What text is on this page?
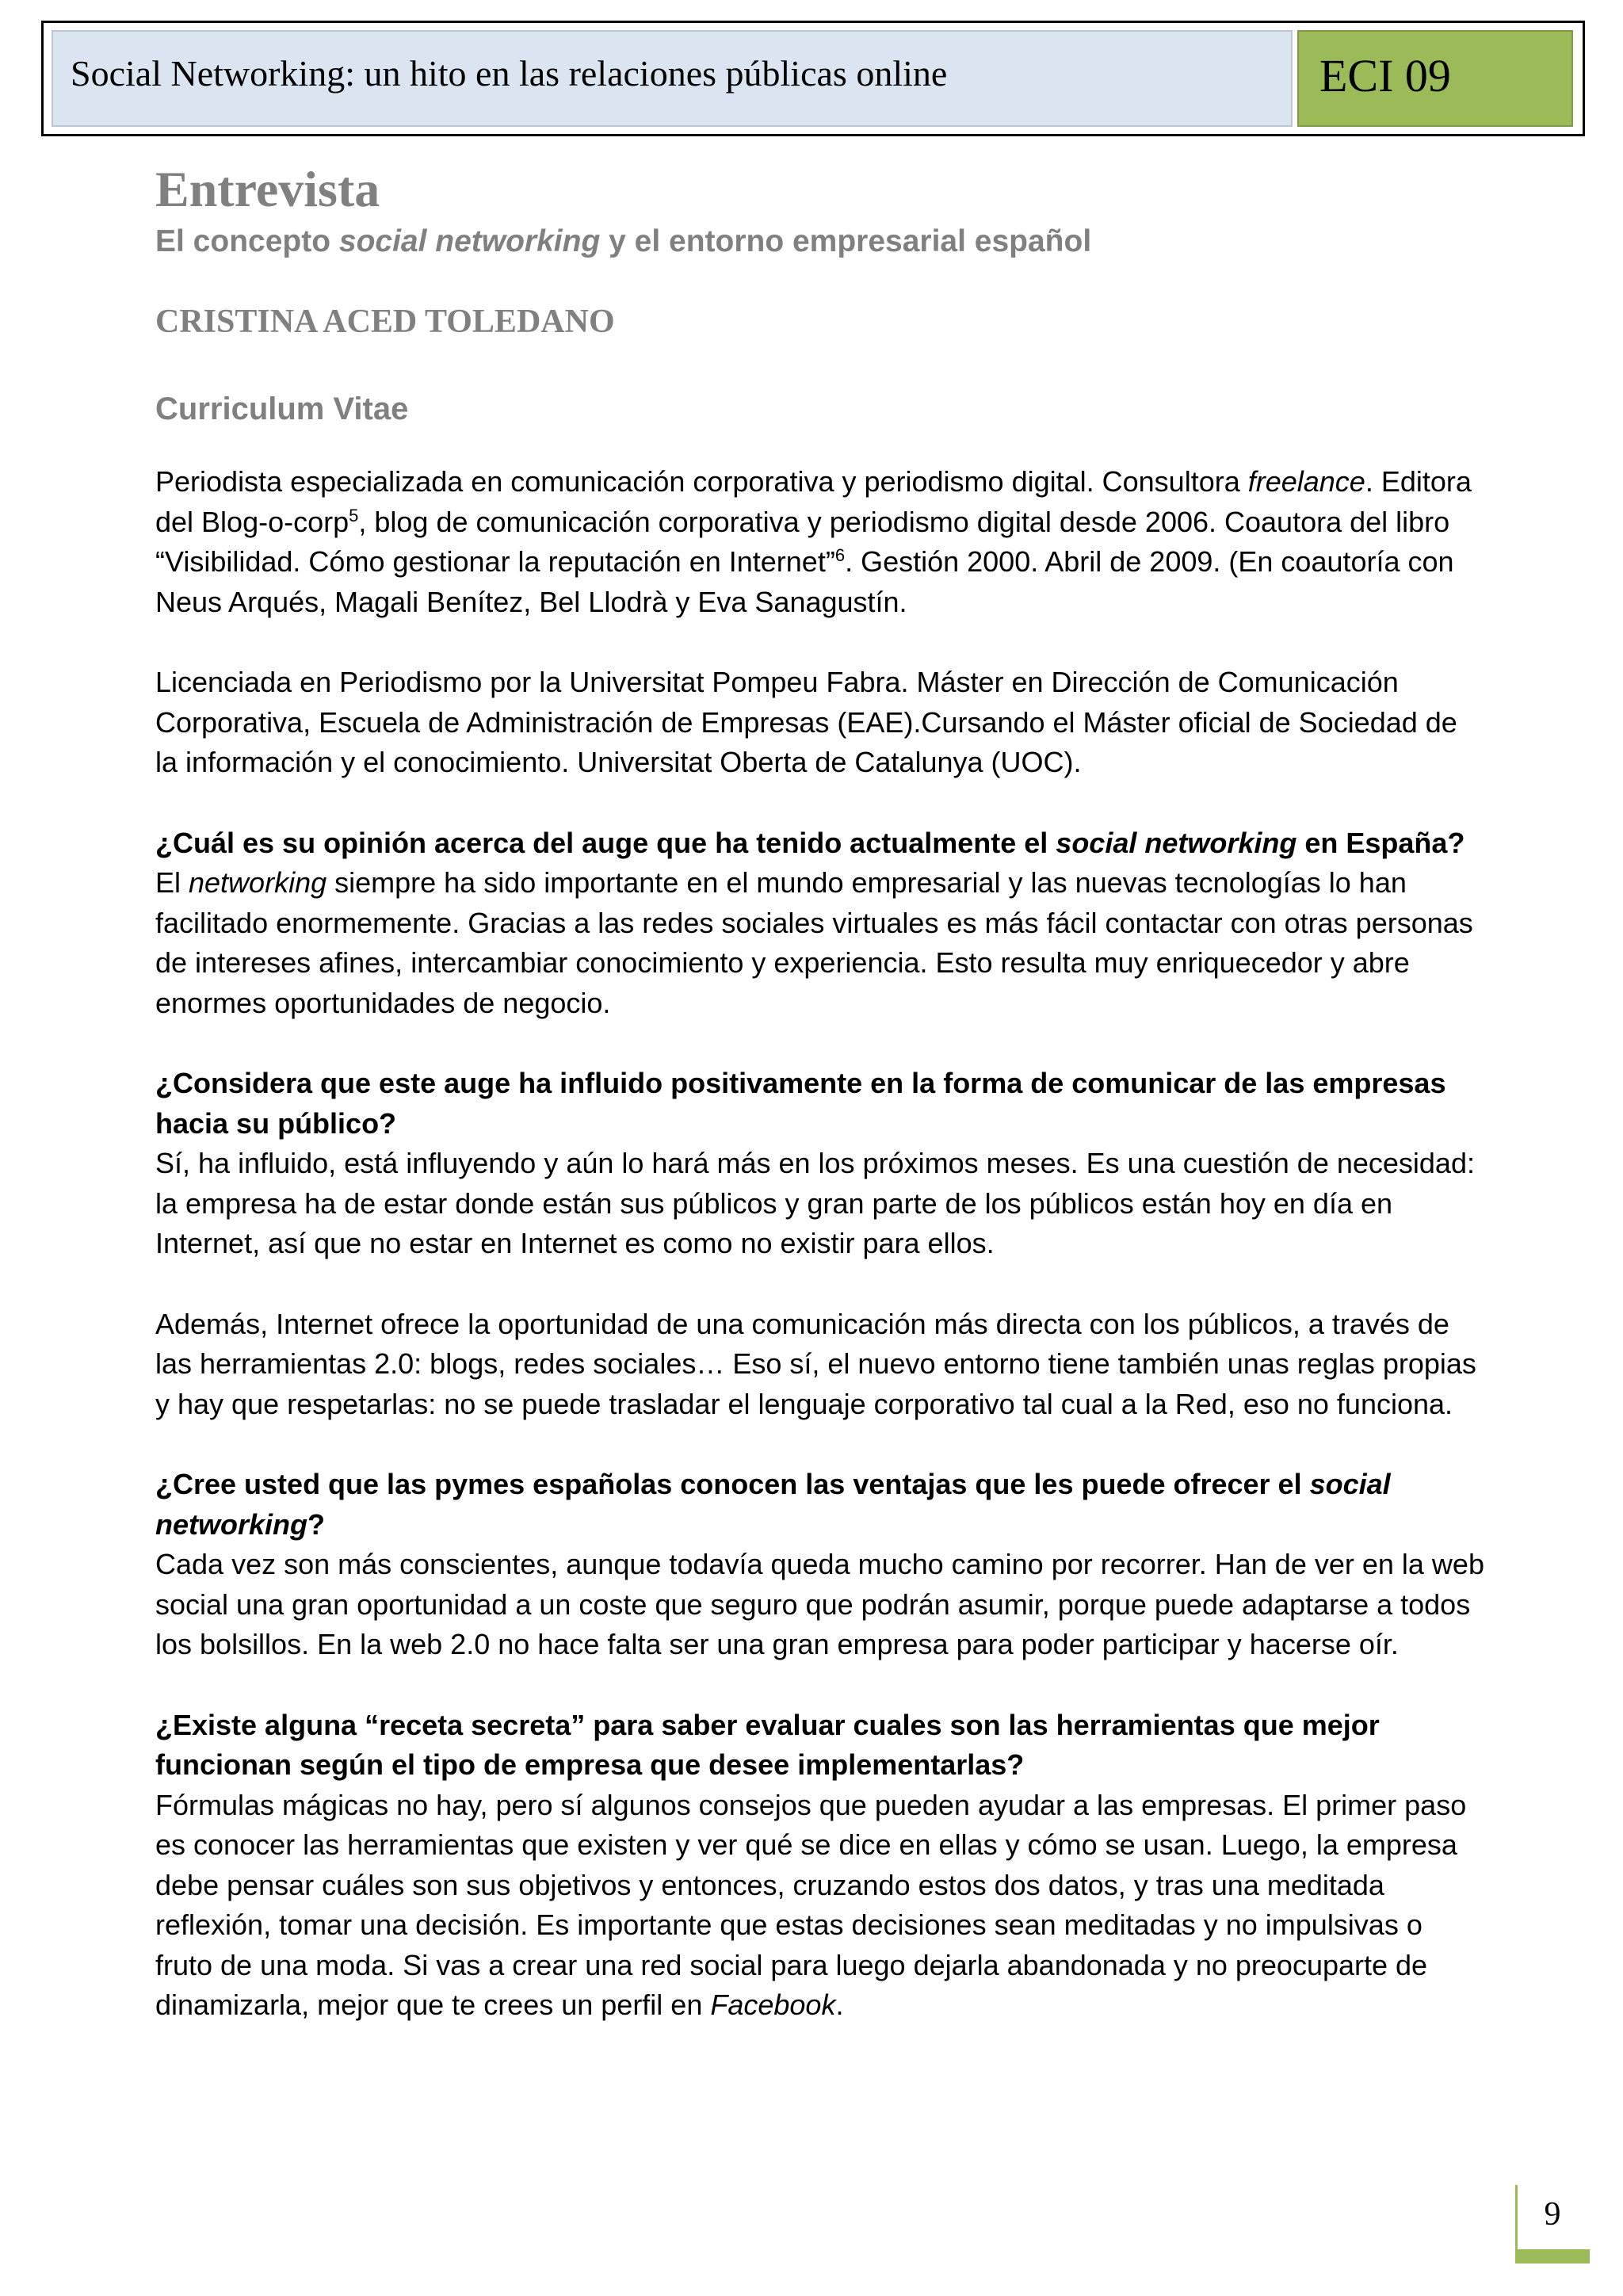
Social Networking: un hito en las relaciones públicas online	ECI 09
Entrevista
El concepto social networking y el entorno empresarial español
CRISTINA ACED TOLEDANO
Curriculum Vitae

Periodista especializada en comunicación corporativa y periodismo digital. Consultora freelance. Editora del Blog-o-corp$^5$, blog de comunicación corporativa y periodismo digital desde 2006. Coautora del libro “Visibilidad. Cómo gestionar la reputación en Internet”$^6$. Gestión 2000. Abril de 2009. (En coautoría con Neus Arqués, Magali Benítez, Bel Llodrà y Eva Sanagustín.

Licenciada en Periodismo por la Universitat Pompeu Fabra. Máster en Dirección de Comunicación Corporativa, Escuela de Administración de Empresas (EAE).Cursando el Máster oficial de Sociedad de la información y el conocimiento. Universitat Oberta de Catalunya (UOC).

¿Cuál es su opinión acerca del auge que ha tenido actualmente el social networking en España?

El networking siempre ha sido importante en el mundo empresarial y las nuevas tecnologías lo han facilitado enormemente. Gracias a las redes sociales virtuales es más fácil contactar con otras personas de intereses afines, intercambiar conocimiento y experiencia. Esto resulta muy enriquecedor y abre enormes oportunidades de negocio.

¿Considera que este auge ha influido positivamente en la forma de comunicar de las empresas hacia su público?

Sí, ha influido, está influyendo y aún lo hará más en los próximos meses. Es una cuestión de necesidad: la empresa ha de estar donde están sus públicos y gran parte de los públicos están hoy en día en Internet, así que no estar en Internet es como no existir para ellos.

Además, Internet ofrece la oportunidad de una comunicación más directa con los públicos, a través de las herramientas 2.0: blogs, redes sociales… Eso sí, el nuevo entorno tiene también unas reglas propias y hay que respetarlas: no se puede trasladar el lenguaje corporativo tal cual a la Red, eso no funciona.

¿Cree usted que las pymes españolas conocen las ventajas que les puede ofrecer el social networking?

Cada vez son más conscientes, aunque todavía queda mucho camino por recorrer. Han de ver en la web social una gran oportunidad a un coste que seguro que podrán asumir, porque puede adaptarse a todos los bolsillos. En la web 2.0 no hace falta ser una gran empresa para poder participar y hacerse oír.

¿Existe alguna “receta secreta” para saber evaluar cuales son las herramientas que mejor funcionan según el tipo de empresa que desee implementarlas?

Fórmulas mágicas no hay, pero sí algunos consejos que pueden ayudar a las empresas. El primer paso es conocer las herramientas que existen y ver qué se dice en ellas y cómo se usan. Luego, la empresa debe pensar cuáles son sus objetivos y entonces, cruzando estos dos datos, y tras una meditada reflexión, tomar una decisión. Es importante que estas decisiones sean meditadas y no impulsivas o fruto de una moda. Si vas a crear una red social para luego dejarla abandonada y no preocuparte de dinamizarla, mejor que te crees un perfil en Facebook.

9
